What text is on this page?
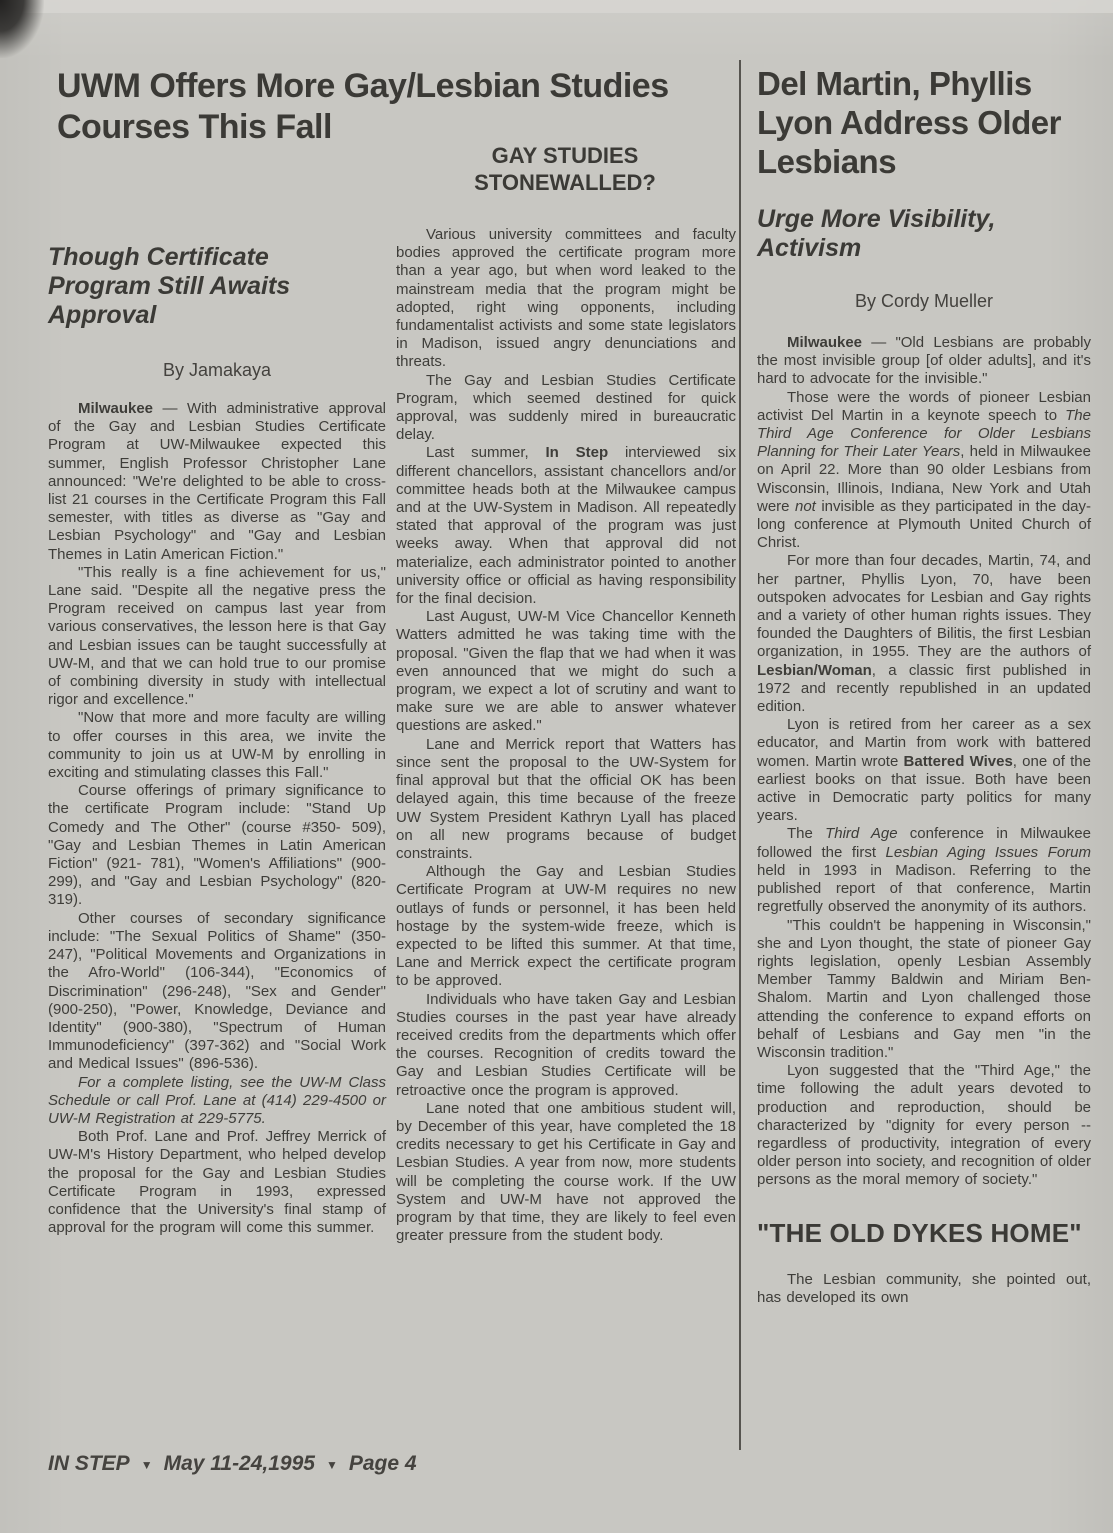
UWM Offers More Gay/Lesbian Studies Courses This Fall
GAY STUDIES STONEWALLED?
Though Certificate Program Still Awaits Approval
By Jamakaya

Milwaukee — With administrative approval of the Gay and Lesbian Studies Certificate Program at UW-Milwaukee expected this summer, English Professor Christopher Lane announced: "We're delighted to be able to cross-list 21 courses in the Certificate Program this Fall semester, with titles as diverse as "Gay and Lesbian Psychology" and "Gay and Lesbian Themes in Latin American Fiction."

"This really is a fine achievement for us," Lane said. "Despite all the negative press the Program received on campus last year from various conservatives, the lesson here is that Gay and Lesbian issues can be taught successfully at UW-M, and that we can hold true to our promise of combining diversity in study with intellectual rigor and excellence."

"Now that more and more faculty are willing to offer courses in this area, we invite the community to join us at UW-M by enrolling in exciting and stimulating classes this Fall."

Course offerings of primary significance to the certificate Program include: "Stand Up Comedy and The Other" (course #350- 509), "Gay and Lesbian Themes in Latin American Fiction" (921- 781), "Women's Affiliations" (900-299), and "Gay and Lesbian Psychology" (820-319).

Other courses of secondary significance include: "The Sexual Politics of Shame" (350-247), "Political Movements and Organizations in the Afro-World" (106-344), "Economics of Discrimination" (296-248), "Sex and Gender" (900-250), "Power, Knowledge, Deviance and Identity" (900-380), "Spectrum of Human Immunodeficiency" (397-362) and "Social Work and Medical Issues" (896-536).

For a complete listing, see the UW-M Class Schedule or call Prof. Lane at (414) 229-4500 or UW-M Registration at 229-5775.

Both Prof. Lane and Prof. Jeffrey Merrick of UW-M's History Department, who helped develop the proposal for the Gay and Lesbian Studies Certificate Program in 1993, expressed confidence that the University's final stamp of approval for the program will come this summer.

Various university committees and faculty bodies approved the certificate program more than a year ago, but when word leaked to the mainstream media that the program might be adopted, right wing opponents, including fundamentalist activists and some state legislators in Madison, issued angry denunciations and threats.

The Gay and Lesbian Studies Certificate Program, which seemed destined for quick approval, was suddenly mired in bureaucratic delay.

Last summer, In Step interviewed six different chancellors, assistant chancellors and/or committee heads both at the Milwaukee campus and at the UW-System in Madison. All repeatedly stated that approval of the program was just weeks away. When that approval did not materialize, each administrator pointed to another university office or official as having responsibility for the final decision.

Last August, UW-M Vice Chancellor Kenneth Watters admitted he was taking time with the proposal. "Given the flap that we had when it was even announced that we might do such a program, we expect a lot of scrutiny and want to make sure we are able to answer whatever questions are asked."

Lane and Merrick report that Watters has since sent the proposal to the UW-System for final approval but that the official OK has been delayed again, this time because of the freeze UW System President Kathryn Lyall has placed on all new programs because of budget constraints.

Although the Gay and Lesbian Studies Certificate Program at UW-M requires no new outlays of funds or personnel, it has been held hostage by the system-wide freeze, which is expected to be lifted this summer. At that time, Lane and Merrick expect the certificate program to be approved.

Individuals who have taken Gay and Lesbian Studies courses in the past year have already received credits from the departments which offer the courses. Recognition of credits toward the Gay and Lesbian Studies Certificate will be retroactive once the program is approved.

Lane noted that one ambitious student will, by December of this year, have completed the 18 credits necessary to get his Certificate in Gay and Lesbian Studies. A year from now, more students will be completing the course work. If the UW System and UW-M have not approved the program by that time, they are likely to feel even greater pressure from the student body.

Del Martin, Phyllis Lyon Address Older Lesbians
Urge More Visibility, Activism
By Cordy Mueller

Milwaukee — "Old Lesbians are probably the most invisible group [of older adults], and it's hard to advocate for the invisible."

Those were the words of pioneer Lesbian activist Del Martin in a keynote speech to The Third Age Conference for Older Lesbians Planning for Their Later Years, held in Milwaukee on April 22. More than 90 older Lesbians from Wisconsin, Illinois, Indiana, New York and Utah were not invisible as they participated in the day-long conference at Plymouth United Church of Christ.

For more than four decades, Martin, 74, and her partner, Phyllis Lyon, 70, have been outspoken advocates for Lesbian and Gay rights and a variety of other human rights issues. They founded the Daughters of Bilitis, the first Lesbian organization, in 1955. They are the authors of Lesbian/Woman, a classic first published in 1972 and recently republished in an updated edition.

Lyon is retired from her career as a sex educator, and Martin from work with battered women. Martin wrote Battered Wives, one of the earliest books on that issue. Both have been active in Democratic party politics for many years.

The Third Age conference in Milwaukee followed the first Lesbian Aging Issues Forum held in 1993 in Madison. Referring to the published report of that conference, Martin regretfully observed the anonymity of its authors.

"This couldn't be happening in Wisconsin," she and Lyon thought, the state of pioneer Gay rights legislation, openly Lesbian Assembly Member Tammy Baldwin and Miriam Ben-Shalom. Martin and Lyon challenged those attending the conference to expand efforts on behalf of Lesbians and Gay men "in the Wisconsin tradition."

Lyon suggested that the "Third Age," the time following the adult years devoted to production and reproduction, should be characterized by "dignity for every person -- regardless of productivity, integration of every older person into society, and recognition of older persons as the moral memory of society."

"THE OLD DYKES HOME"

The Lesbian community, she pointed out, has developed its own

IN STEP ▼ May 11-24,1995 ▼ Page 4
